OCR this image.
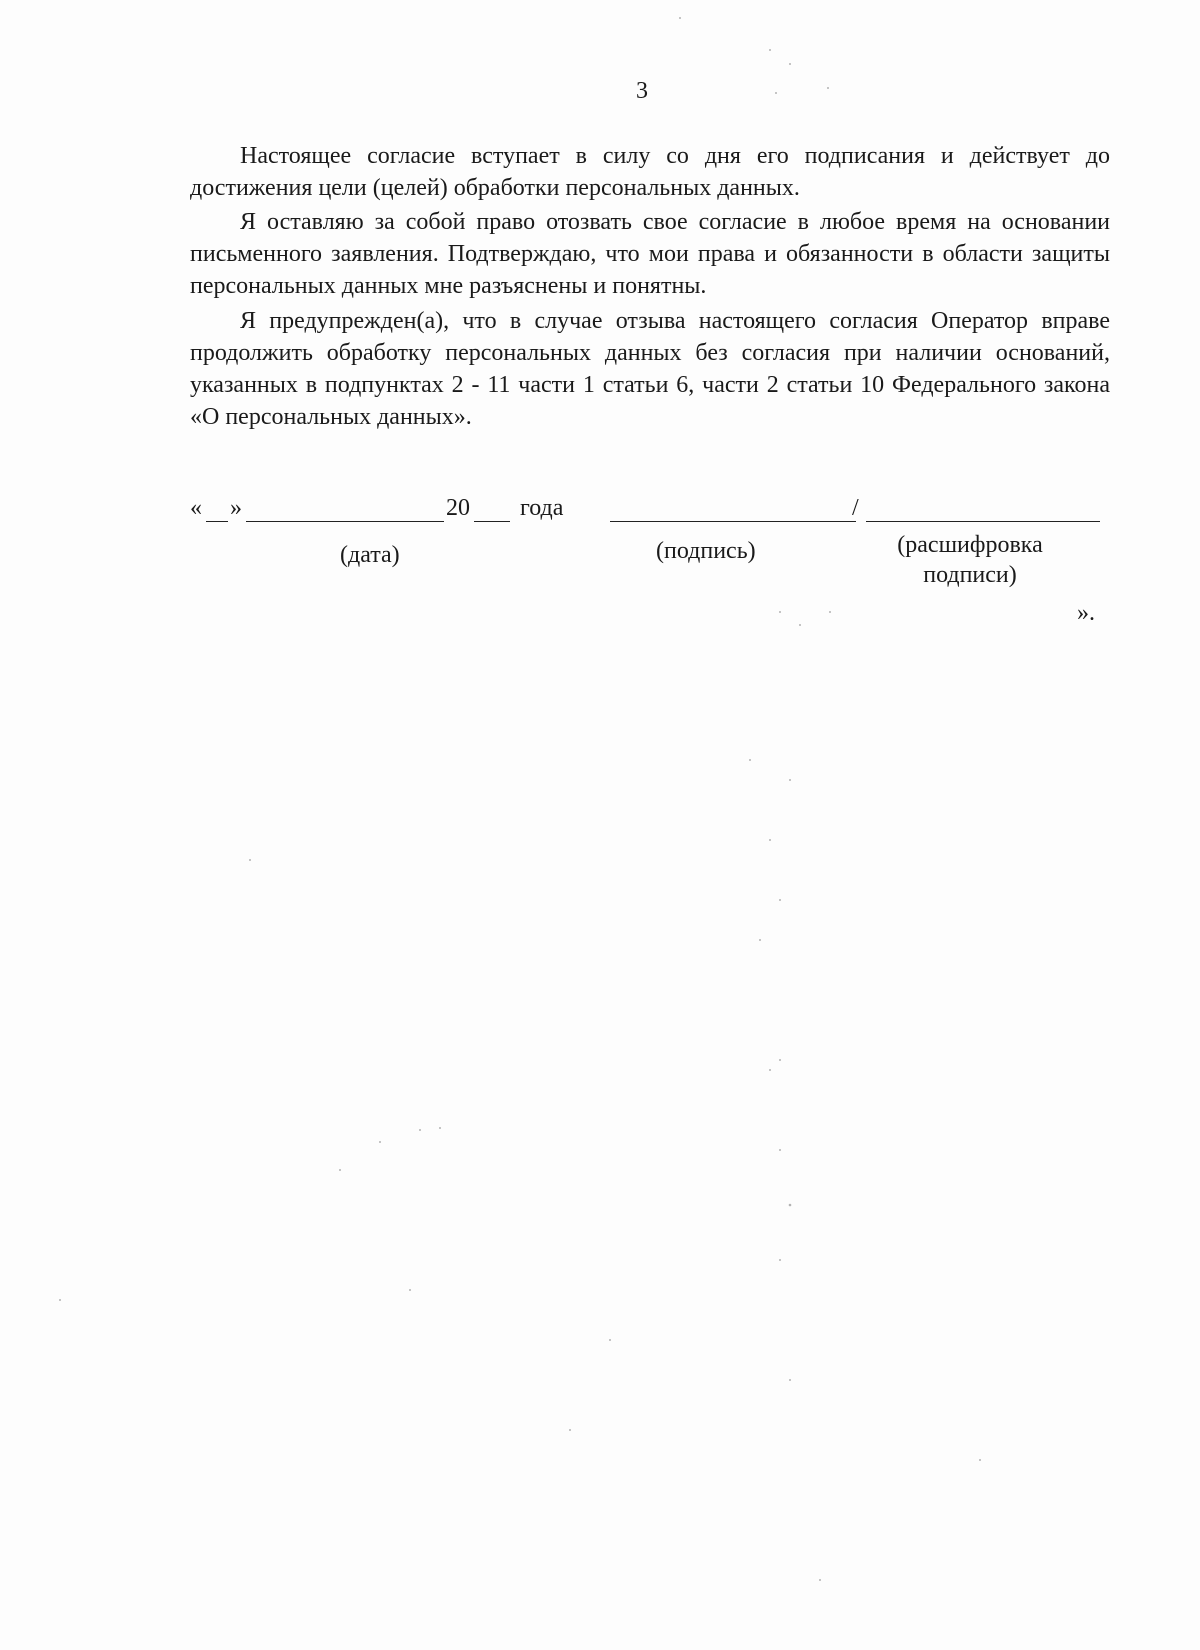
3

Настоящее согласие вступает в силу со дня его подписания и действует до достижения цели (целей) обработки персональных данных.

Я оставляю за собой право отозвать свое согласие в любое время на основании письменного заявления. Подтверждаю, что мои права и обязанности в области защиты персональных данных мне разъяснены и понятны.

Я предупрежден(а), что в случае отзыва настоящего согласия Оператор вправе продолжить обработку персональных данных без согласия при наличии оснований, указанных в подпунктах 2 - 11 части 1 статьи 6, части 2 статьи 10 Федерального закона «О персональных данных».

« »	20 года	/
(дата)	(подпись)	(расшифровка
подписи)
».
